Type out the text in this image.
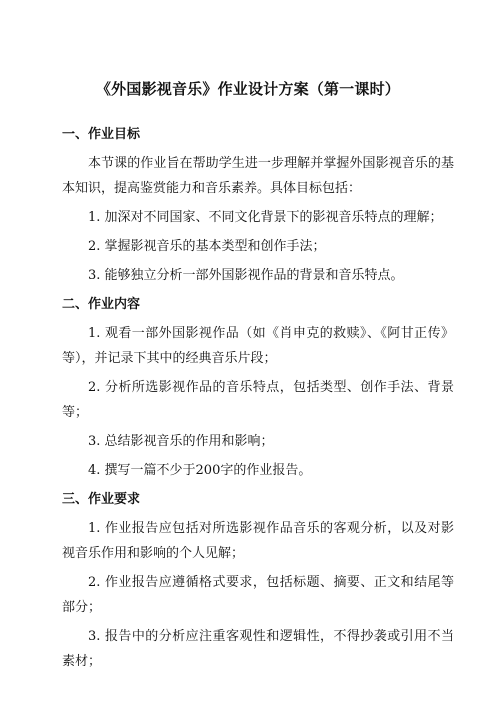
《外国影视音乐》作业设计方案（第一课时）
一、作业目标
本节课的作业旨在帮助学生进一步理解并掌握外国影视音乐的基本知识，提高鉴赏能力和音乐素养。具体目标包括：
1. 加深对不同国家、不同文化背景下的影视音乐特点的理解；
2. 掌握影视音乐的基本类型和创作手法；
3. 能够独立分析一部外国影视作品的背景和音乐特点。
二、作业内容
1. 观看一部外国影视作品（如《肖申克的救赎》、《阿甘正传》等），并记录下其中的经典音乐片段；
2. 分析所选影视作品的音乐特点，包括类型、创作手法、背景等；
3. 总结影视音乐的作用和影响；
4. 撰写一篇不少于200字的作业报告。
三、作业要求
1. 作业报告应包括对所选影视作品音乐的客观分析，以及对影视音乐作用和影响的个人见解；
2. 作业报告应遵循格式要求，包括标题、摘要、正文和结尾等部分；
3. 报告中的分析应注重客观性和逻辑性，不得抄袭或引用不当素材；
